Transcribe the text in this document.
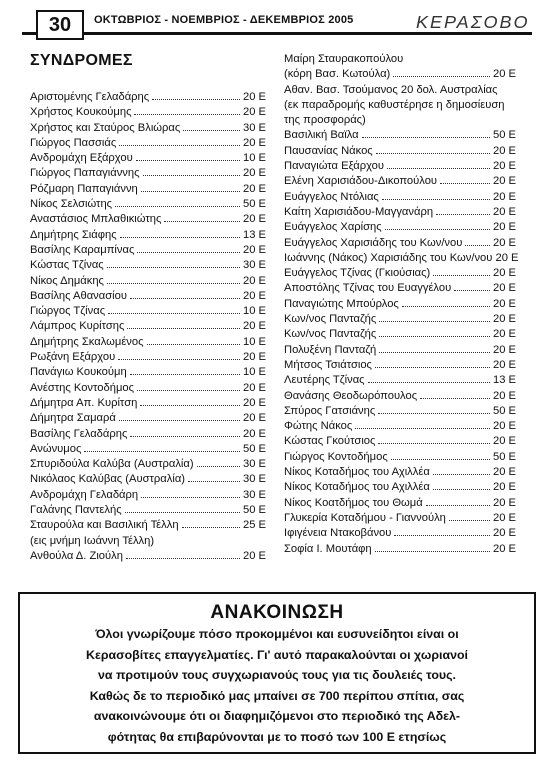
30	ΟΚΤΩΒΡΙΟΣ - ΝΟΕΜΒΡΙΟΣ - ΔΕΚΕΜΒΡΙΟΣ 2005	ΚΕΡΑΣΟΒΟ
ΣΥΝΔΡΟΜΕΣ
Αριστομένης Γελαδάρης	20 Ε
Χρήστος Κουκούμης	20 Ε
Χρήστος και Σταύρος Βλιώρας	30 Ε
Γιώργος Πασσιάς	20 Ε
Ανδρομάχη Εξάρχου	10 Ε
Γιώργος Παπαγιάννης	20 Ε
Ρόζμαρη Παπαγιάννη	20 Ε
Νίκος Σελσιώτης	50 Ε
Αναστάσιος Μπλαθικιώτης	20 Ε
Δημήτρης Σιάφης	13 Ε
Βασίλης Καραμπίνας	20 Ε
Κώστας Τζίνας	30 Ε
Νίκος Δημάκης	20 Ε
Βασίλης Αθανασίου	20 Ε
Γιώργος Τζίνας	10 Ε
Λάμπρος Κυρίτσης	20 Ε
Δημήτρης Σκαλωμένος	10 Ε
Ρωξάνη Εξάρχου	20 Ε
Πανάγιω Κουκούμη	10 Ε
Ανέστης Κοντοδήμος	20 Ε
Δήμητρα Απ. Κυρίτση	20 Ε
Δήμητρα Σαμαρά	20 Ε
Βασίλης Γελαδάρης	20 Ε
Ανώνυμος	50 Ε
Σπυριδούλα Καλύβα (Αυστραλία)	30 Ε
Νικόλαος Καλύβας (Αυστραλία)	30 Ε
Ανδρομάχη Γελαδάρη	30 Ε
Γαλάνης Παντελής	50 Ε
Σταυρούλα και Βασιλική Τέλλη	25 Ε
(εις μνήμη Ιωάννη Τέλλη)
Ανθούλα Δ. Ζιούλη	20 Ε
Μαίρη Σταυρακοπούλου
(κόρη Βασ. Κωτούλα)	20 Ε
Αθαν. Βασ. Τσούμανος 20 δολ. Αυστραλίας
(εκ παραδρομής καθυστέρησε η δημοσίευση
της προσφοράς)
Βασιλική Βαϊλα	50 Ε
Παυσανίας Νάκος	20 Ε
Παναγιώτα Εξάρχου	20 Ε
Ελένη Χαρισιάδου-Δικοπούλου	20 Ε
Ευάγγελος Ντόλιας	20 Ε
Καίτη Χαρισιάδου-Μαγγανάρη	20 Ε
Ευάγγελος Χαρίσης	20 Ε
Ευάγγελος Χαρισιάδης του Κων/νου	20 Ε
Ιωάννης (Νάκος) Χαρισιάδης του Κων/νου 20 Ε
Ευάγγελος Τζίνας (Γκιούσιας)	20 Ε
Αποστόλης Τζίνας του Ευαγγέλου	20 Ε
Παναγιώτης Μπούρλος	20 Ε
Κων/νος Πανταζής	20 Ε
Κων/νος Πανταζής	20 Ε
Πολυξένη Πανταζή	20 Ε
Μήτσος Τσιάτσιος	20 Ε
Λευτέρης Τζίνας	13 Ε
Θανάσης Θεοδωρόπουλος	20 Ε
Σπύρος Γατσιάνης	50 Ε
Φώτης Νάκος	20 Ε
Κώστας Γκούτσιος	20 Ε
Γιώργος Κοντοδήμος	50 Ε
Νίκος Κοταδήμος του Αχιλλέα	20 Ε
Νίκος Κοταδήμος του Αχιλλέα	20 Ε
Νίκος Κοατδήμος του Θωμά	20 Ε
Γλυκερία Κοταδήμου - Γιαννούλη	20 Ε
Ιφιγένεια Ντακοβάνου	20 Ε
Σοφία Ι. Μουτάφη	20 Ε
ΑΝΑΚΟΙΝΩΣΗ
Όλοι γνωρίζουμε πόσο προκομμένοι και ευσυνείδητοι είναι οι
Κερασοβίτες επαγγελματίες. Γι' αυτό παρακαλούνται οι χωριανοί
να προτιμούν τους συγχωριανούς τους για τις δουλειές τους.
Καθώς δε το περιοδικό μας μπαίνει σε 700 περίπου σπίτια, σας
ανακοινώνουμε ότι οι διαφημιζόμενοι στο περιοδικό της Αδελ-
φότητας θα επιβαρύνονται με το ποσό των 100 Ε ετησίως
